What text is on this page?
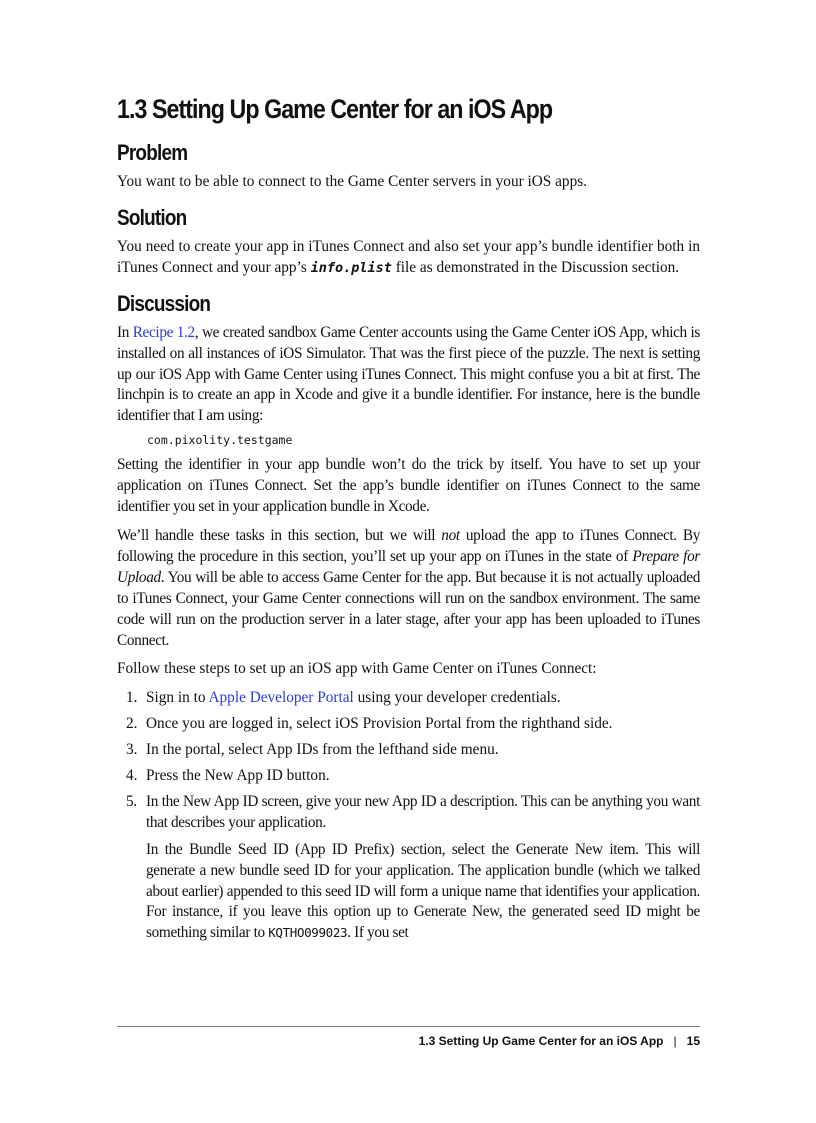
1.3 Setting Up Game Center for an iOS App
Problem

You want to be able to connect to the Game Center servers in your iOS apps.

Solution

You need to create your app in iTunes Connect and also set your app’s bundle identifier both in iTunes Connect and your app’s info.plist file as demonstrated in the Discussion section.

Discussion

In Recipe 1.2, we created sandbox Game Center accounts using the Game Center iOS App, which is installed on all instances of iOS Simulator. That was the first piece of the puzzle. The next is setting up our iOS App with Game Center using iTunes Connect. This might confuse you a bit at first. The linchpin is to create an app in Xcode and give it a bundle identifier. For instance, here is the bundle identifier that I am using:

com.pixolity.testgame

Setting the identifier in your app bundle won’t do the trick by itself. You have to set up your application on iTunes Connect. Set the app’s bundle identifier on iTunes Connect to the same identifier you set in your application bundle in Xcode.

We’ll handle these tasks in this section, but we will not upload the app to iTunes Connect. By following the procedure in this section, you’ll set up your app on iTunes in the state of Prepare for Upload. You will be able to access Game Center for the app. But because it is not actually uploaded to iTunes Connect, your Game Center connections will run on the sandbox environment. The same code will run on the production server in a later stage, after your app has been uploaded to iTunes Connect.

Follow these steps to set up an iOS app with Game Center on iTunes Connect:

1. Sign in to Apple Developer Portal using your developer credentials.
2. Once you are logged in, select iOS Provision Portal from the righthand side.
3. In the portal, select App IDs from the lefthand side menu.
4. Press the New App ID button.
5. In the New App ID screen, give your new App ID a description. This can be anything you want that describes your application.
In the Bundle Seed ID (App ID Prefix) section, select the Generate New item. This will generate a new bundle seed ID for your application. The application bundle (which we talked about earlier) appended to this seed ID will form a unique name that identifies your application. For instance, if you leave this option up to Generate New, the generated seed ID might be something similar to KQTHO099023. If you set
1.3 Setting Up Game Center for an iOS App | 15
